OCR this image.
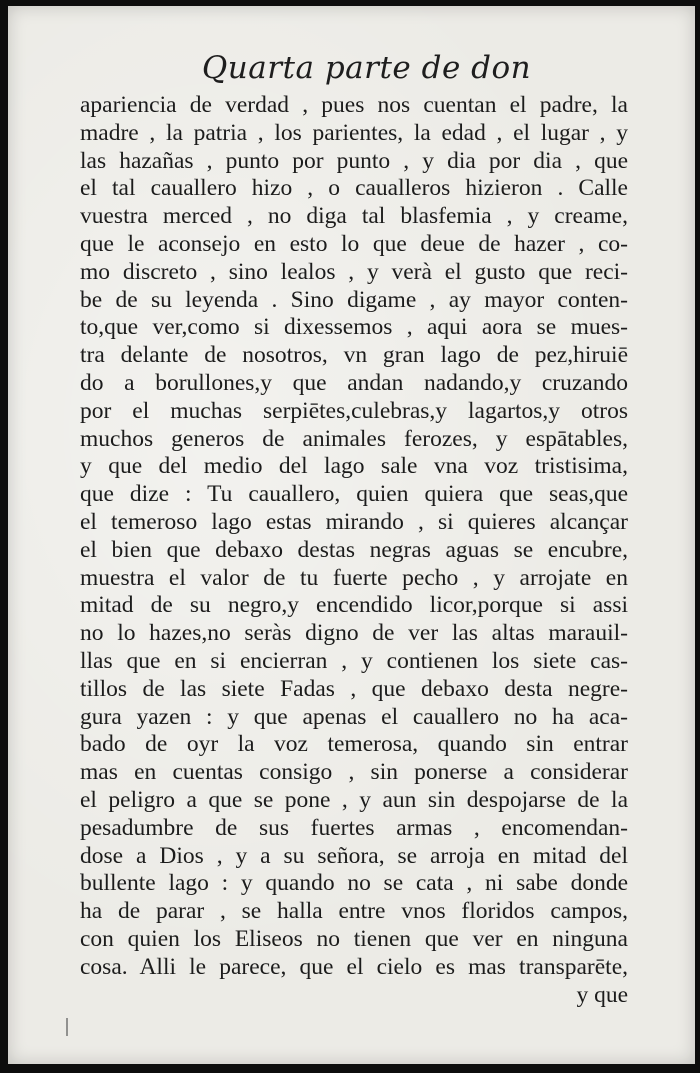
Quarta parte de don
apariencia de verdad , pues nos cuentan el padre, la
madre , la patria , los parientes, la edad , el lugar , y
las hazañas , punto por punto , y dia por dia , que
el tal cauallero hizo , o caualleros hizieron . Calle
vuestra merced , no diga tal blasfemia , y creame,
que le aconsejo en esto lo que deue de hazer , co-
mo discreto , sino lealos , y verà el gusto que reci-
be de su leyenda . Sino digame , ay mayor conten-
to,que ver,como si dixessemos , aqui aora se mues-
tra delante de nosotros, vn gran lago de pez,hiruiē
do a borullones,y que andan nadando,y cruzando
por el muchas serpiētes,culebras,y lagartos,y otros
muchos generos de animales ferozes, y espātables,
y que del medio del lago sale vna voz tristisima,
que dize : Tu cauallero, quien quiera que seas,que
el temeroso lago estas mirando , si quieres alcançar
el bien que debaxo destas negras aguas se encubre,
muestra el valor de tu fuerte pecho , y arrojate en
mitad de su negro,y encendido licor,porque si assi
no lo hazes,no seràs digno de ver las altas marauil-
llas que en si encierran , y contienen los siete cas-
tillos de las siete Fadas , que debaxo desta negre-
gura yazen : y que apenas el cauallero no ha aca-
bado de oyr la voz temerosa, quando sin entrar
mas en cuentas consigo , sin ponerse a considerar
el peligro a que se pone , y aun sin despojarse de la
pesadumbre de sus fuertes armas , encomendan-
dose a Dios , y a su señora, se arroja en mitad del
bullente lago : y quando no se cata , ni sabe donde
ha de parar , se halla entre vnos floridos campos,
con quien los Eliseos no tienen que ver en ninguna
cosa. Alli le parece, que el cielo es mas transparēte,
y que
